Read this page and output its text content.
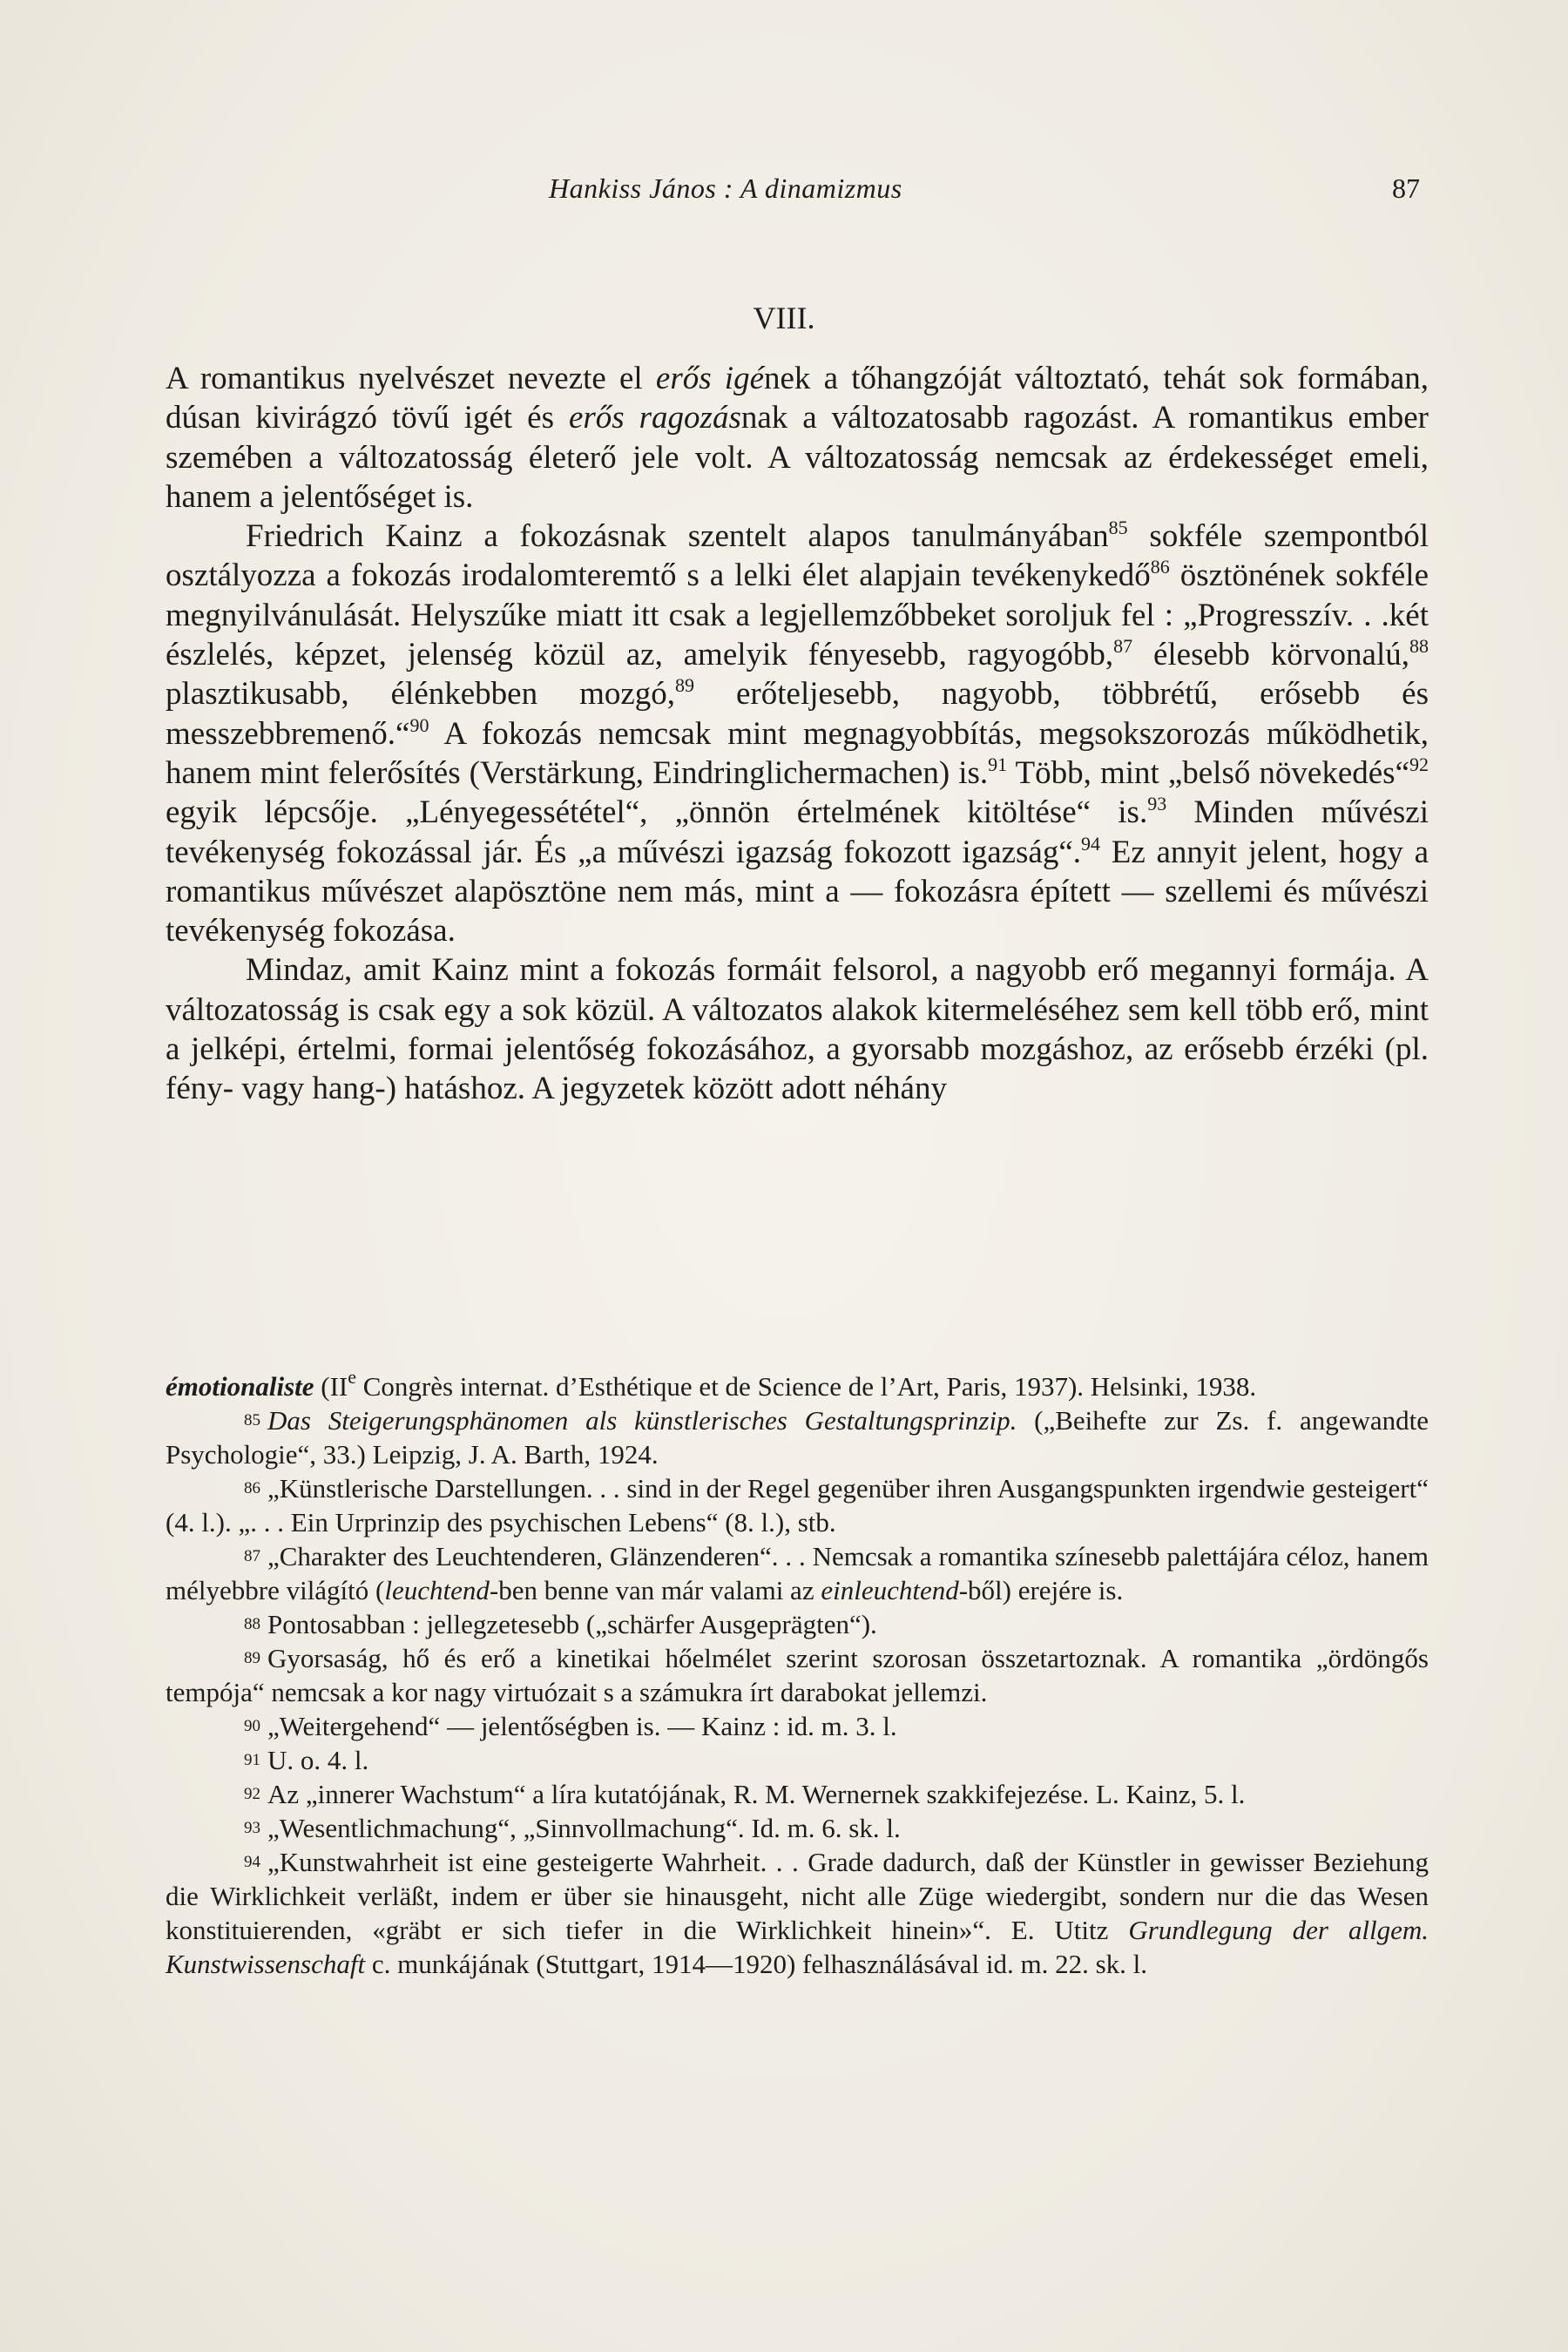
Hankiss János : A dinamizmus	87
VIII.

A romantikus nyelvészet nevezte el erős igének a tőhangzóját változtató, tehát sok formában, dúsan kivirágzó tövű igét és erős ragozásnak a változatosabb ragozást. A romantikus ember szemében a változatosság életerő jele volt. A változatosság nemcsak az érdekességet emeli, hanem a jelentőséget is.

Friedrich Kainz a fokozásnak szentelt alapos tanulmányában$^{85}$ sokféle szempontból osztályozza a fokozás irodalomteremtő s a lelki élet alapjain tevékenykedő$^{86}$ ösztönének sokféle megnyilvánulását. Helyszűke miatt itt csak a legjellemzőbbeket soroljuk fel : „Progresszív. . .két észlelés, képzet, jelenség közül az, amelyik fényesebb, ragyogóbb,$^{87}$ élesebb körvonalú,$^{88}$ plasztikusabb, élénkebben mozgó,$^{89}$ erőteljesebb, nagyobb, többrétű, erősebb és messzebbremenő.“$^{90}$ A fokozás nemcsak mint megnagyobbítás, megsokszorozás működhetik, hanem mint felerősítés (Verstärkung, Eindringlichermachen) is.$^{91}$ Több, mint „belső növekedés“$^{92}$ egyik lépcsője. „Lényegessététel“, „önnön értelmének kitöltése“ is.$^{93}$ Minden művészi tevékenység fokozással jár. És „a művészi igazság fokozott igazság“.$^{94}$ Ez annyit jelent, hogy a romantikus művészet alapösztöne nem más, mint a — fokozásra épített — szellemi és művészi tevékenység fokozása.

Mindaz, amit Kainz mint a fokozás formáit felsorol, a nagyobb erő megannyi formája. A változatosság is csak egy a sok közül. A változatos alakok kitermeléséhez sem kell több erő, mint a jelképi, értelmi, formai jelentőség fokozásához, a gyorsabb mozgáshoz, az erősebb érzéki (pl. fény- vagy hang-) hatáshoz. A jegyzetek között adott néhány

émotionaliste (IIe Congrès internat. d’Esthétique et de Science de l’Art, Paris, 1937). Helsinki, 1938.

85 Das Steigerungsphänomen als künstlerisches Gestaltungsprinzip. („Beihefte zur Zs. f. angewandte Psychologie“, 33.) Leipzig, J. A. Barth, 1924.

86 „Künstlerische Darstellungen. . . sind in der Regel gegenüber ihren Ausgangspunkten irgendwie gesteigert“ (4. l.). „. . . Ein Urprinzip des psychischen Lebens“ (8. l.), stb.

87 „Charakter des Leuchtenderen, Glänzenderen“. . . Nemcsak a romantika színesebb palettájára céloz, hanem mélyebbre világító (leuchtend-ben benne van már valami az einleuchtend-ből) erejére is.

88 Pontosabban : jellegzetesebb („schärfer Ausgeprägten“).

89 Gyorsaság, hő és erő a kinetikai hőelmélet szerint szorosan összetartoznak. A romantika „ördöngős tempója“ nemcsak a kor nagy virtuózait s a számukra írt darabokat jellemzi.

90 „Weitergehend“ — jelentőségben is. — Kainz : id. m. 3. l.

91 U. o. 4. l.

92 Az „innerer Wachstum“ a líra kutatójának, R. M. Wernernek szakkifejezése. L. Kainz, 5. l.

93 „Wesentlichmachung“, „Sinnvollmachung“. Id. m. 6. sk. l.

94 „Kunstwahrheit ist eine gesteigerte Wahrheit. . . Grade dadurch, daß der Künstler in gewisser Beziehung die Wirklichkeit verläßt, indem er über sie hinausgeht, nicht alle Züge wiedergibt, sondern nur die das Wesen konstituierenden, «gräbt er sich tiefer in die Wirklichkeit hinein»“. E. Utitz Grundlegung der allgem. Kunstwissenschaft c. munkájának (Stuttgart, 1914—1920) felhasználásával id. m. 22. sk. l.
